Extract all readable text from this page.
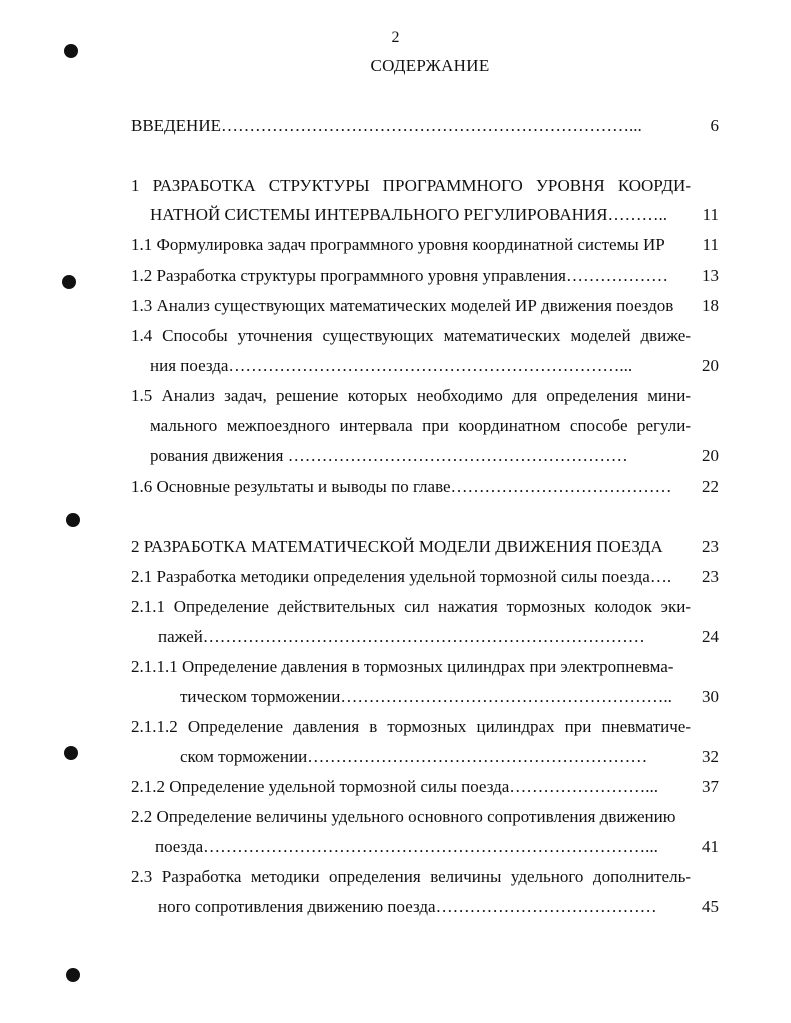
2
СОДЕРЖАНИЕ
ВВЕДЕНИЕ………………………………………………………………...	6
1 РАЗРАБОТКА СТРУКТУРЫ ПРОГРАММНОГО УРОВНЯ КООРДИ-
НАТНОЙ СИСТЕМЫ ИНТЕРВАЛЬНОГО РЕГУЛИРОВАНИЯ……….. 11
1.1 Формулировка задач программного уровня координатной системы ИР 11
1.2 Разработка структуры программного уровня управления……………… 13
1.3 Анализ существующих математических моделей ИР движения поездов 18
1.4 Способы уточнения существующих математических моделей движе-
ния поезда……………………………………………………………...	20
1.5 Анализ задач, решение которых необходимо для определения мини-
мального межпоездного интервала при координатном способе регули-
рования движения ……………………………………………………	20
1.6 Основные результаты и выводы по главе………………………………… 22
2 РАЗРАБОТКА МАТЕМАТИЧЕСКОЙ МОДЕЛИ ДВИЖЕНИЯ ПОЕЗДА 23
2.1 Разработка методики определения удельной тормозной силы поезда…. 23
2.1.1 Определение действительных сил нажатия тормозных колодок эки-
пажей……………………………………………………………………	24
2.1.1.1 Определение давления в тормозных цилиндрах при электропневма-
тическом торможении………………………………………………….. 30
2.1.1.2 Определение давления в тормозных цилиндрах при пневматиче-
ском торможении……………………………………………………	32
2.1.2 Определение удельной тормозной силы поезда……………………...	37
2.2 Определение величины удельного основного сопротивления движению
поезда……………………………………………………………………...	41
2.3 Разработка методики определения величины удельного дополнитель-
ного сопротивления движению поезда…………………………………	45
